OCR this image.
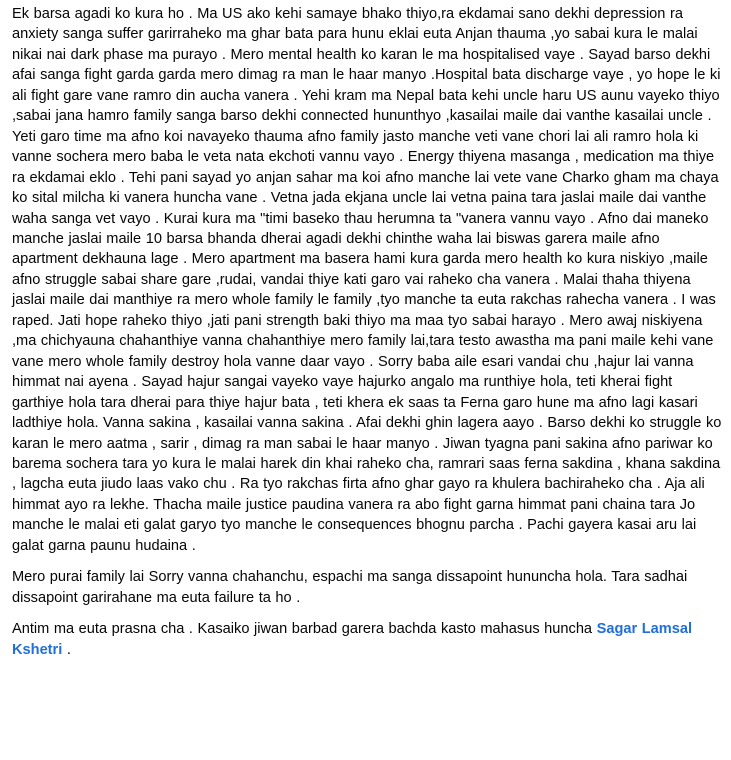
Ek barsa agadi ko kura ho . Ma US ako kehi samaye bhako thiyo,ra ekdamai sano dekhi depression ra anxiety sanga suffer garirraheko ma ghar bata para hunu eklai euta Anjan thauma ,yo sabai kura le malai nikai nai dark phase ma purayo . Mero mental health ko karan le ma hospitalised vaye . Sayad barso dekhi afai sanga fight garda garda mero dimag ra man le haar manyo .Hospital bata discharge vaye , yo hope le ki ali fight gare vane ramro din aucha vanera . Yehi kram ma Nepal bata kehi uncle haru US aunu vayeko thiyo ,sabai jana hamro family sanga barso dekhi connected hununthyo ,kasailai maile dai vanthe kasailai uncle . Yeti garo time ma afno koi navayeko thauma afno family jasto manche veti vane chori lai ali ramro hola ki vanne sochera mero baba le veta nata ekchoti vannu vayo . Energy thiyena masanga , medication ma thiye ra ekdamai eklo . Tehi pani sayad yo anjan sahar ma koi afno manche lai vete vane Charko gham ma chaya ko sital milcha ki vanera huncha vane . Vetna jada ekjana uncle lai vetna paina tara jaslai maile dai vanthe waha sanga vet vayo . Kurai kura ma "timi baseko thau herumna ta "vanera vannu vayo . Afno dai maneko manche jaslai maile 10 barsa bhanda dherai agadi dekhi chinthe waha lai biswas garera maile afno apartment dekhauna lage . Mero apartment ma basera hami kura garda mero health ko kura niskiyo ,maile afno struggle sabai share gare ,rudai, vandai thiye kati garo vai raheko cha vanera . Malai thaha thiyena jaslai maile dai manthiye ra mero whole family le family ,tyo manche ta euta rakchas rahecha vanera . I was raped. Jati hope raheko thiyo ,jati pani strength baki thiyo ma maa tyo sabai harayo . Mero awaj niskiyena ,ma chichyauna chahanthiye vanna chahanthiye mero family lai,tara testo awastha ma pani maile kehi vane vane mero whole family destroy hola vanne daar vayo . Sorry baba aile esari vandai chu ,hajur lai vanna himmat nai ayena . Sayad hajur sangai vayeko vaye hajurko angalo ma runthiye hola, teti kherai fight garthiye hola tara dherai para thiye hajur bata , teti khera ek saas ta Ferna garo hune ma afno lagi kasari ladthiye hola. Vanna sakina , kasailai vanna sakina . Afai dekhi ghin lagera aayo . Barso dekhi ko struggle ko karan le mero aatma , sarir , dimag ra man sabai le haar manyo . Jiwan tyagna pani sakina afno pariwar ko barema sochera tara yo kura le malai harek din khai raheko cha, ramrari saas ferna sakdina , khana sakdina , lagcha euta jiudo laas vako chu . Ra tyo rakchas firta afno ghar gayo ra khulera bachiraheko cha . Aja ali himmat ayo ra lekhe. Thacha maile justice paudina vanera ra abo fight garna himmat pani chaina tara Jo manche le malai eti galat garyo tyo manche le consequences bhognu parcha . Pachi gayera kasai aru lai galat garna paunu hudaina .

Mero purai family lai Sorry vanna chahanchu, espachi ma sanga dissapoint hununcha hola. Tara sadhai dissapoint garirahane ma euta failure ta ho .

Antim ma euta prasna cha . Kasaiko jiwan barbad garera bachda kasto mahasus huncha Sagar Lamsal Kshetri .
